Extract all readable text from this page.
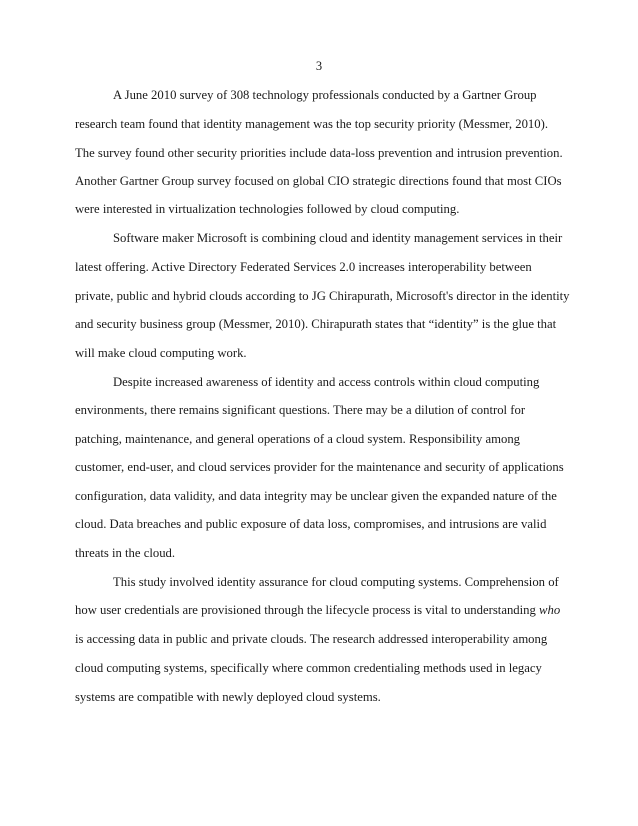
3
A June 2010 survey of 308 technology professionals conducted by a Gartner Group
research team found that identity management was the top security priority (Messmer, 2010).
The survey found other security priorities include data-loss prevention and intrusion prevention.
Another Gartner Group survey focused on global CIO strategic directions found that most CIOs
were interested in virtualization technologies followed by cloud computing.
Software maker Microsoft is combining cloud and identity management services in their
latest offering. Active Directory Federated Services 2.0 increases interoperability between
private, public and hybrid clouds according to JG Chirapurath, Microsoft's director in the identity
and security business group (Messmer, 2010). Chirapurath states that “identity” is the glue that
will make cloud computing work.
Despite increased awareness of identity and access controls within cloud computing
environments, there remains significant questions. There may be a dilution of control for
patching, maintenance, and general operations of a cloud system. Responsibility among
customer, end-user, and cloud services provider for the maintenance and security of applications
configuration, data validity, and data integrity may be unclear given the expanded nature of the
cloud. Data breaches and public exposure of data loss, compromises, and intrusions are valid
threats in the cloud.
This study involved identity assurance for cloud computing systems. Comprehension of
how user credentials are provisioned through the lifecycle process is vital to understanding who
is accessing data in public and private clouds. The research addressed interoperability among
cloud computing systems, specifically where common credentialing methods used in legacy
systems are compatible with newly deployed cloud systems.
